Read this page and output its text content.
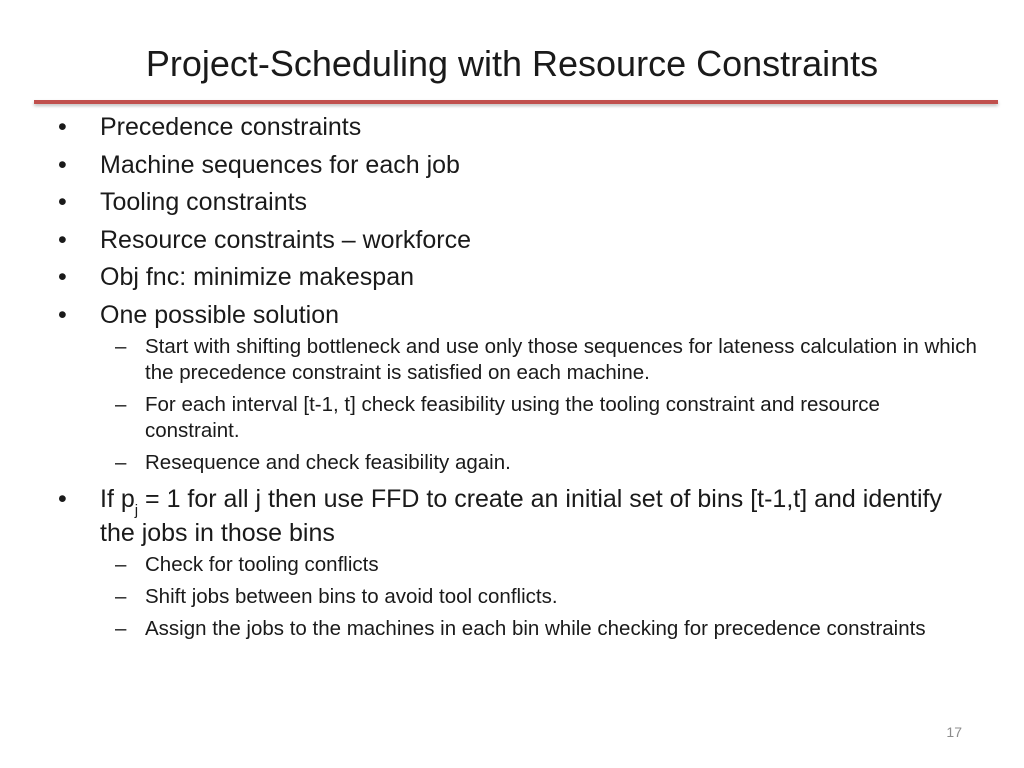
Project-Scheduling with Resource Constraints
•	Precedence constraints
•	Machine sequences for each job
•	Tooling constraints
•	Resource constraints – workforce
•	Obj fnc: minimize makespan
•	One possible solution
– Start with shifting bottleneck and use only those sequences for lateness calculation in which the precedence constraint is satisfied on each machine.
– For each interval [t-1, t] check feasibility using the tooling constraint and resource constraint.
– Resequence and check feasibility again.
•	If $p_j = 1$ for all j then use FFD to create an initial set of bins [t-1,t] and identify the jobs in those bins
– Check for tooling conflicts
– Shift jobs between bins to avoid tool conflicts.
– Assign the jobs to the machines in each bin while checking for precedence constraints
17
